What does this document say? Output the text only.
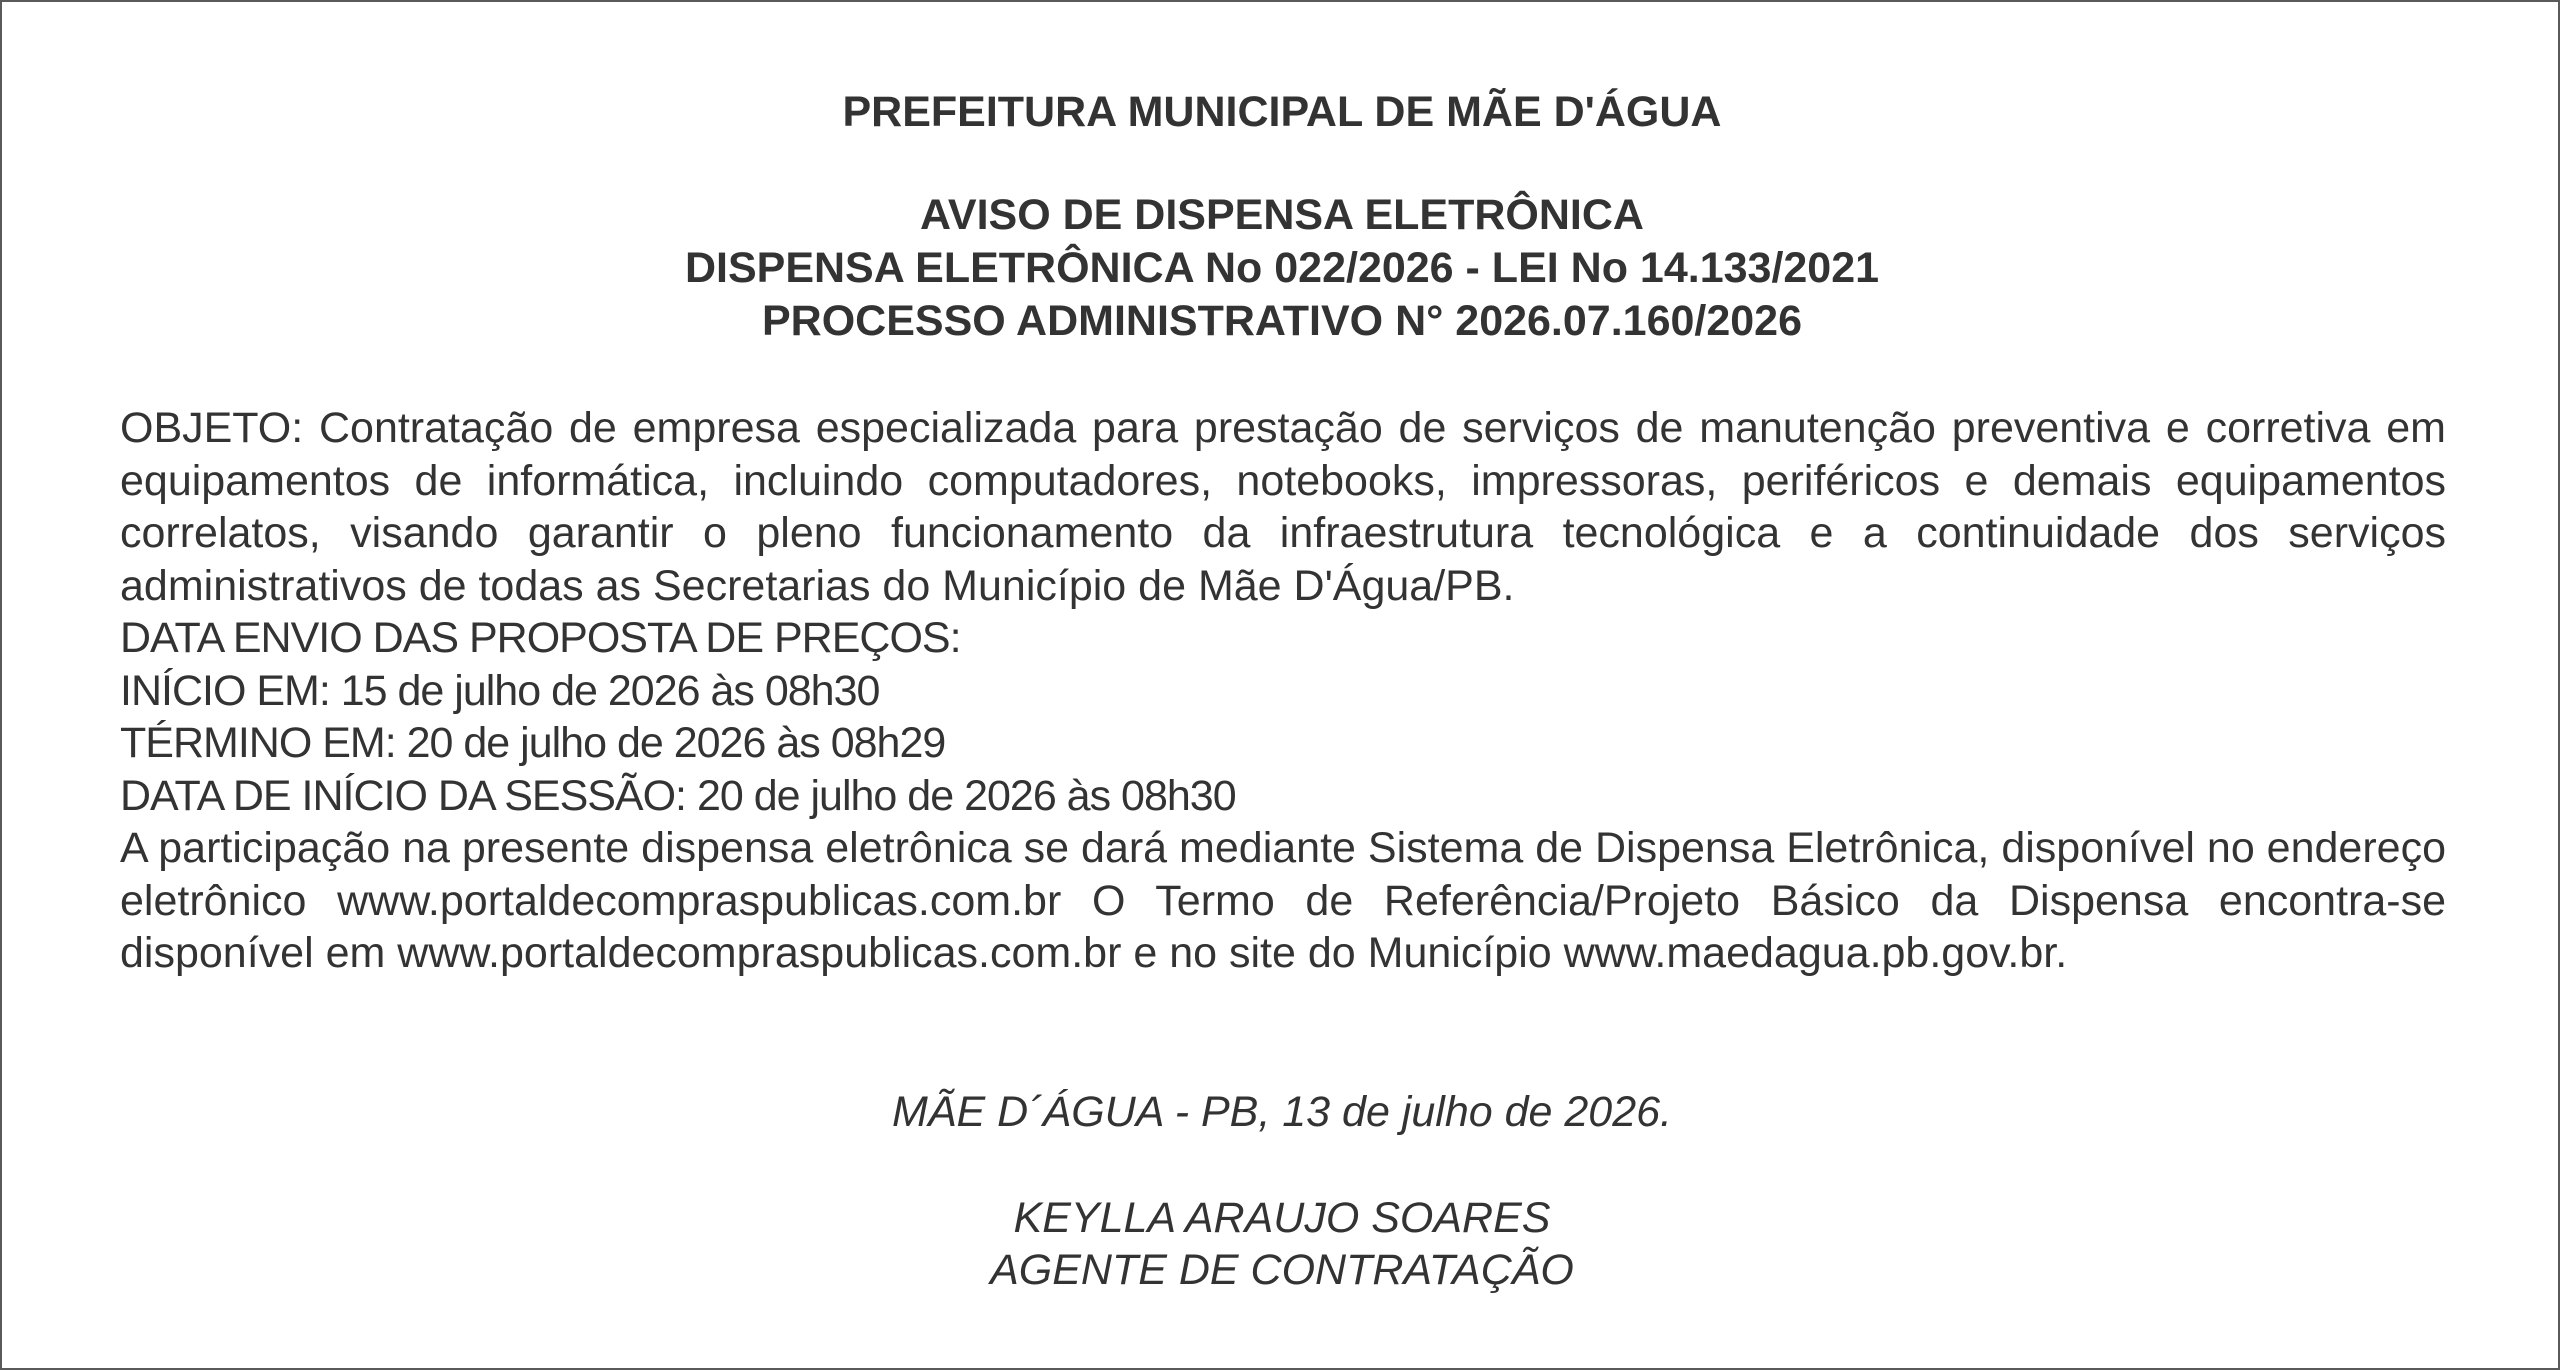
PREFEITURA MUNICIPAL DE MÃE D'ÁGUA
AVISO DE DISPENSA ELETRÔNICA
DISPENSA ELETRÔNICA No 022/2026 - LEI No 14.133/2021
PROCESSO ADMINISTRATIVO N° 2026.07.160/2026

OBJETO: Contratação de empresa especializada para prestação de serviços de manutenção preventiva e corretiva em equipamentos de informática, incluindo computadores, notebooks, impressoras, periféricos e demais equipamentos correlatos, visando garantir o pleno funcionamento da infraestrutura tecnológica e a continuidade dos serviços administrativos de todas as Secretarias do Município de Mãe D'Água/PB.

DATA ENVIO DAS PROPOSTA DE PREÇOS:
INÍCIO EM: 15 de julho de 2026 às 08h30
TÉRMINO EM: 20 de julho de 2026 às 08h29
DATA DE INÍCIO DA SESSÃO: 20 de julho de 2026 às 08h30

A participação na presente dispensa eletrônica se dará mediante Sistema de Dispensa Eletrônica, disponível no endereço eletrônico www.portaldecompraspublicas.com.br O Termo de Referência/Projeto Básico da Dispensa encontra-se disponível em www.portaldecompraspublicas.com.br e no site do Município www.maedagua.pb.gov.br.

MÃE D´ÁGUA - PB, 13 de julho de 2026.
KEYLLA ARAUJO SOARES
AGENTE DE CONTRATAÇÃO
